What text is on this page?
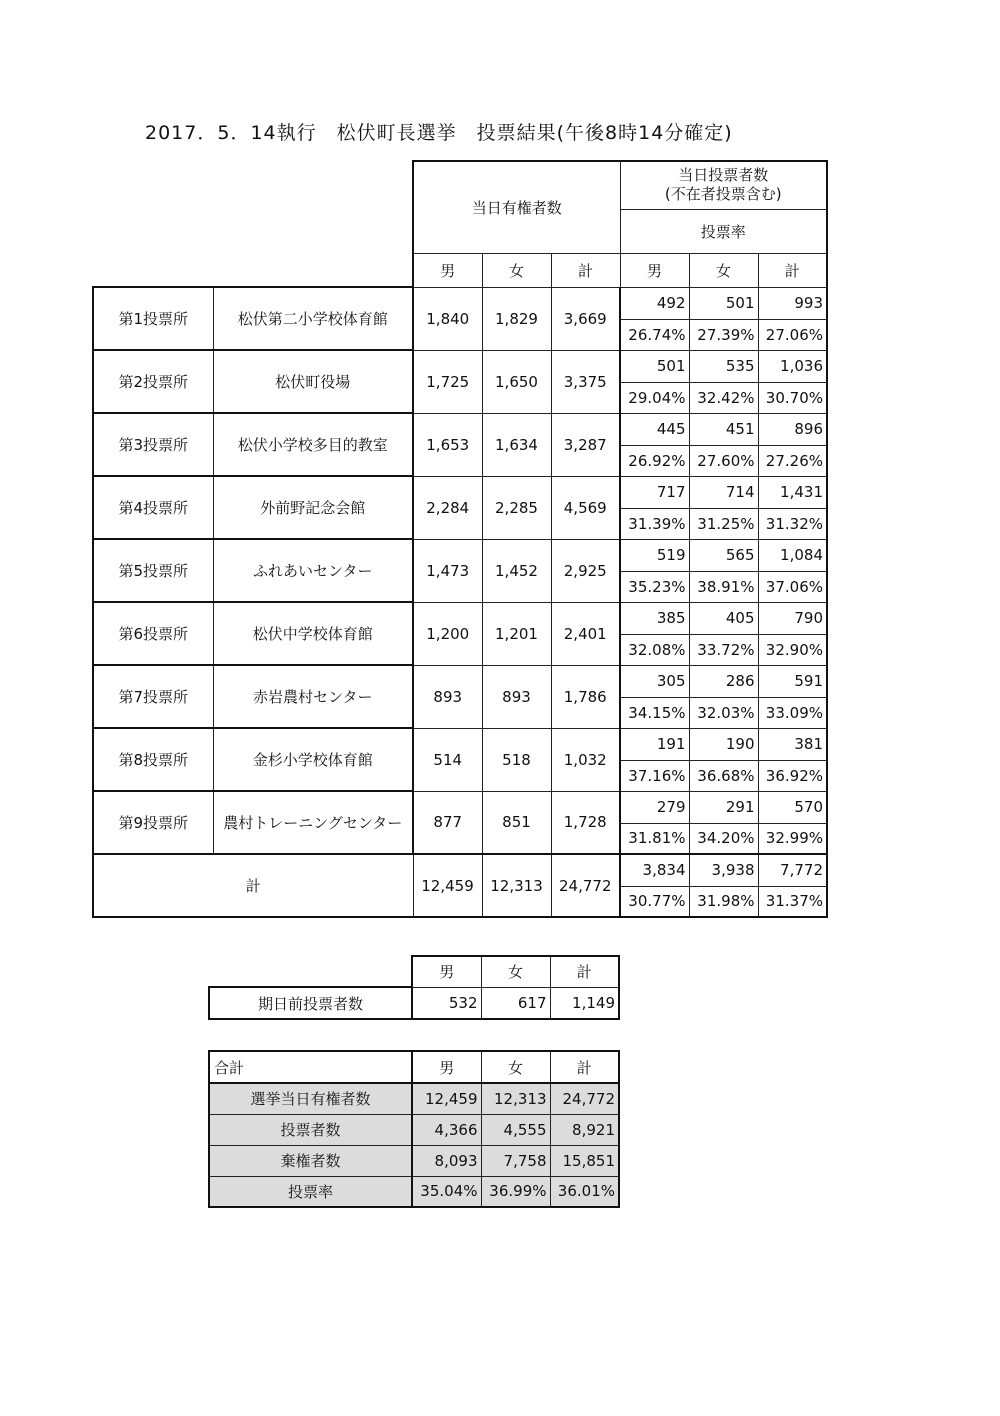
2017．5．14執行　松伏町長選挙　投票結果(午後8時14分確定)
		当日有権者数			当日投票者数
(不在者投票含む)		

					投票率		
		男	女	計	男	女	計
第1投票所	松伏第二小学校体育館	1,840	1,829	3,669	492	501	993
					26.74%	27.39%	27.06%
第2投票所	松伏町役場	1,725	1,650	3,375	501	535	1,036
					29.04%	32.42%	30.70%
第3投票所	松伏小学校多目的教室	1,653	1,634	3,287	445	451	896
					26.92%	27.60%	27.26%
第4投票所	外前野記念会館	2,284	2,285	4,569	717	714	1,431
					31.39%	31.25%	31.32%
第5投票所	ふれあいセンター	1,473	1,452	2,925	519	565	1,084
					35.23%	38.91%	37.06%
第6投票所	松伏中学校体育館	1,200	1,201	2,401	385	405	790
					32.08%	33.72%	32.90%
第7投票所	赤岩農村センター	893	893	1,786	305	286	591
					34.15%	32.03%	33.09%
第8投票所	金杉小学校体育館	514	518	1,032	191	190	381
					37.16%	36.68%	36.92%
第9投票所	農村トレーニングセンター	877	851	1,728	279	291	570
					31.81%	34.20%	32.99%
計		12,459	12,313	24,772	3,834	3,938	7,772
					30.77%	31.98%	31.37%
	男	女	計
期日前投票者数	532	617	1,149
合計	男	女	計
選挙当日有権者数	12,459	12,313	24,772
投票者数	4,366	4,555	8,921
棄権者数	8,093	7,758	15,851
投票率	35.04%	36.99%	36.01%
